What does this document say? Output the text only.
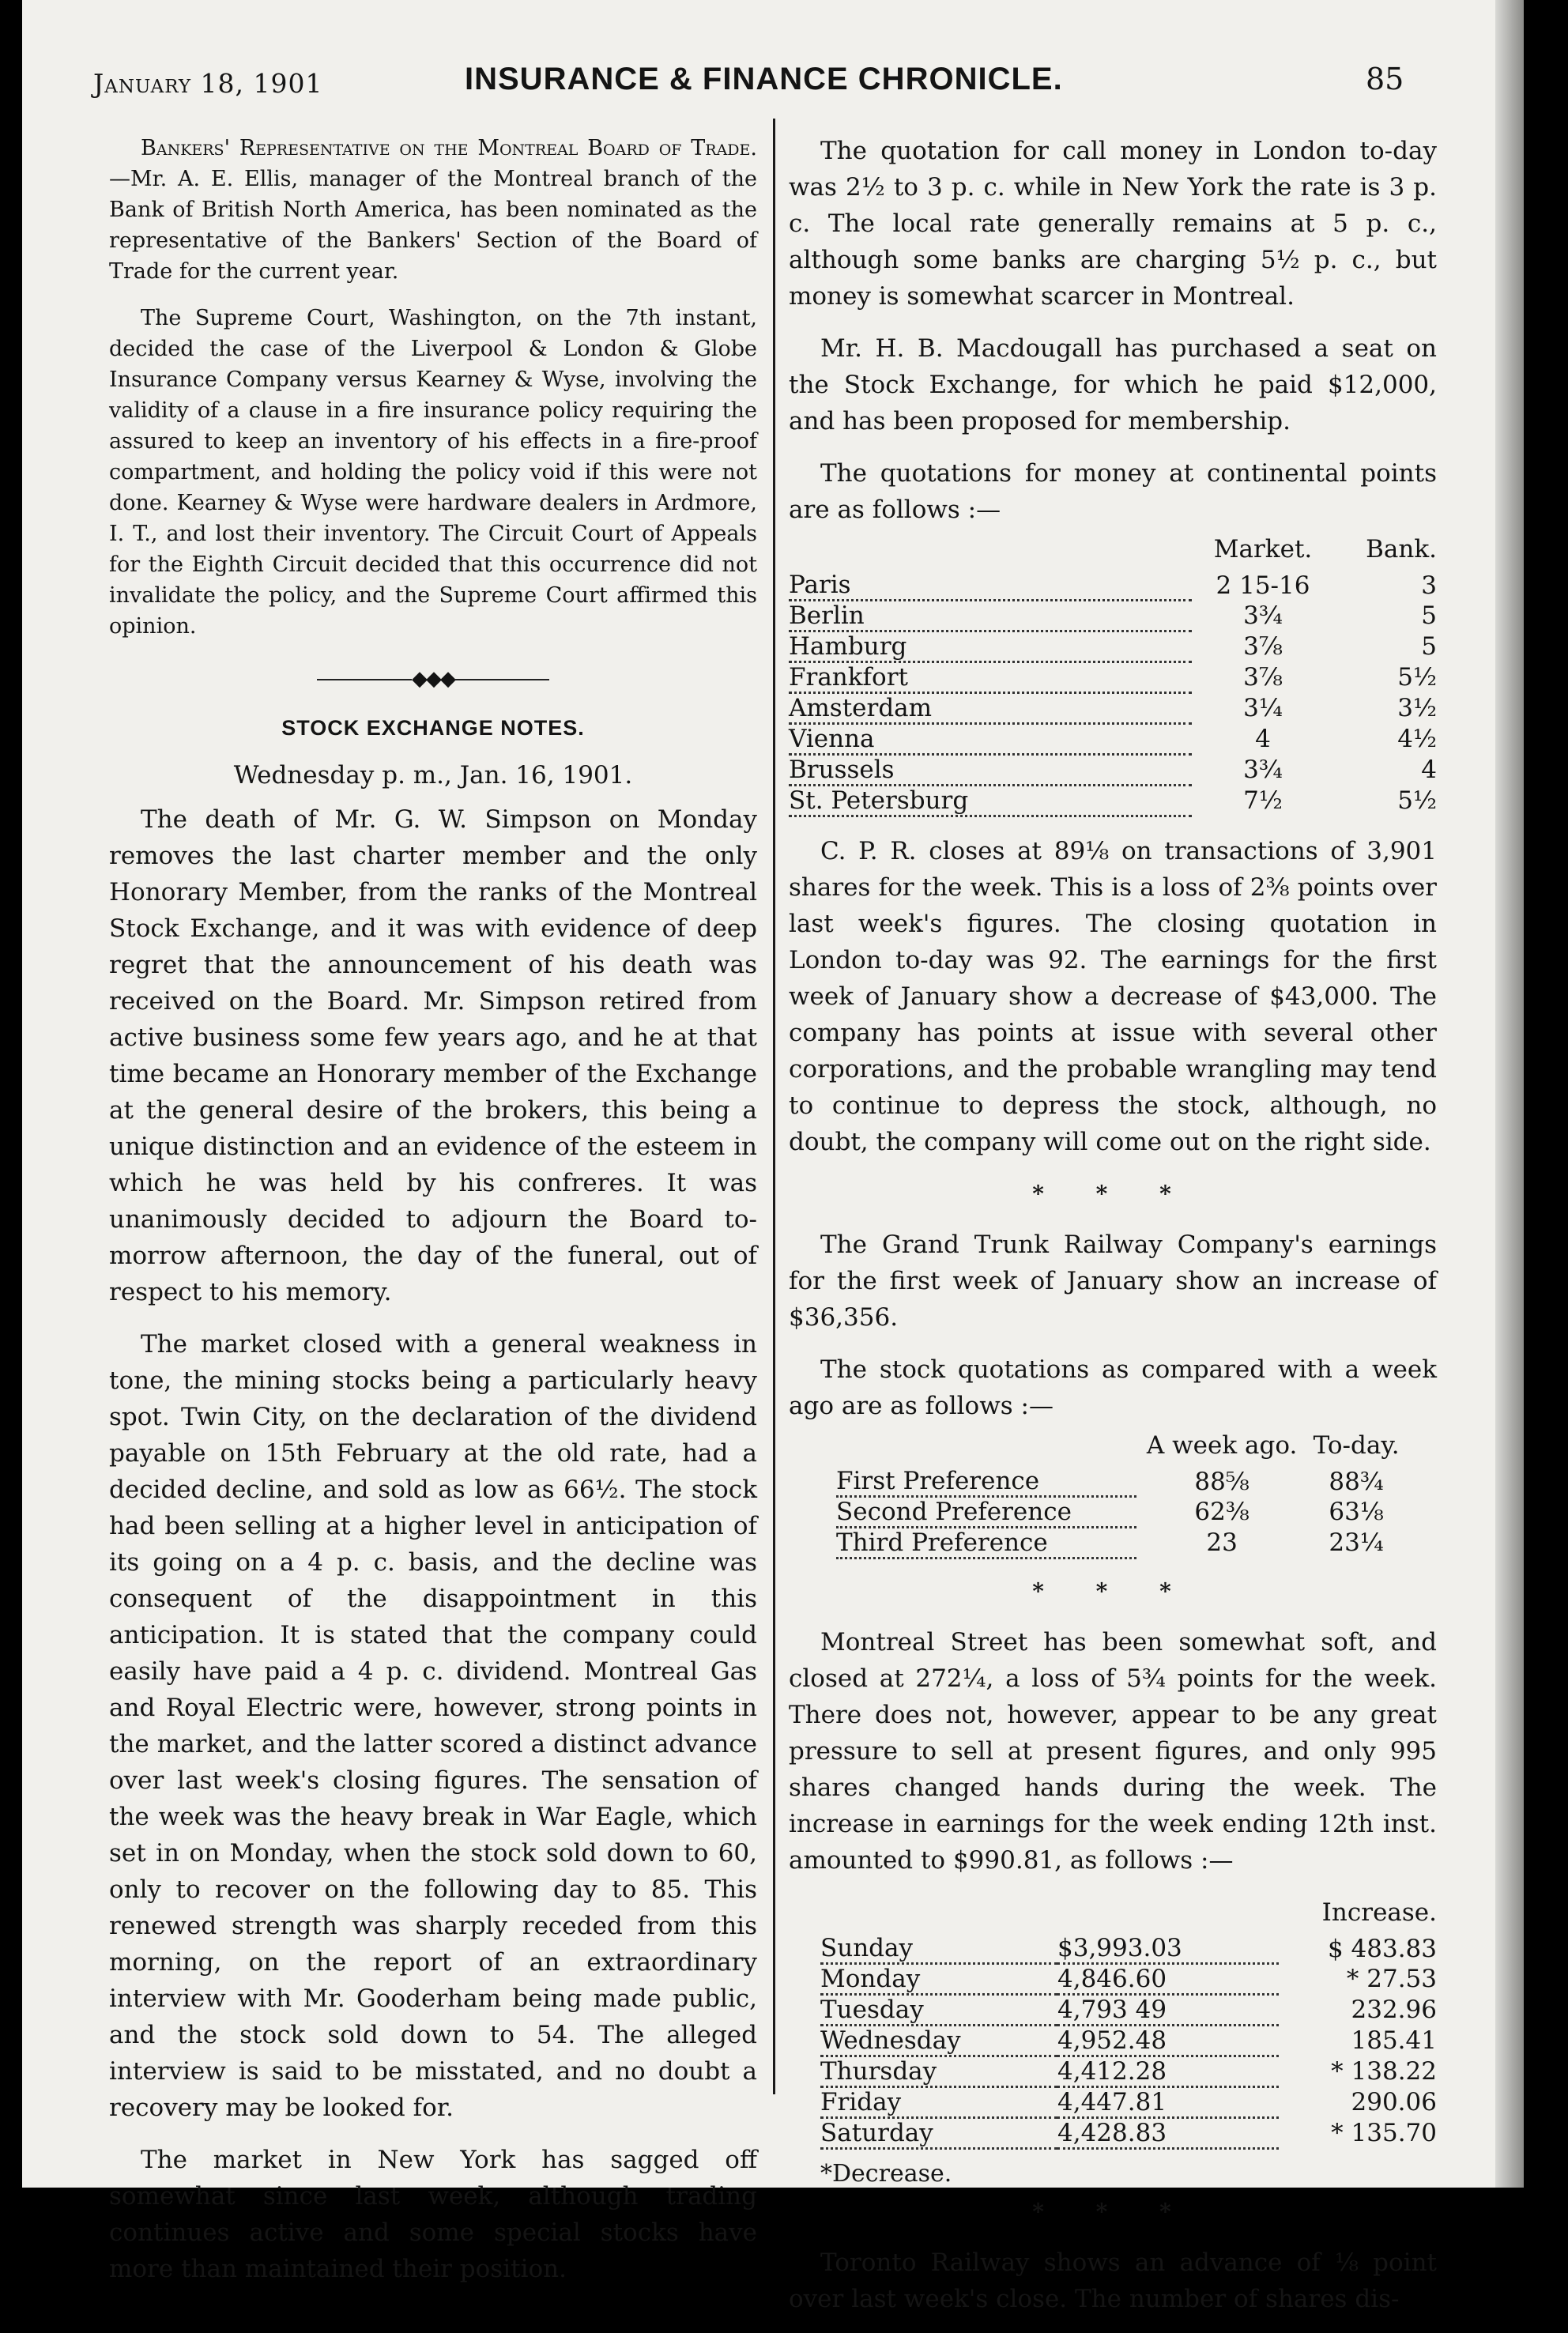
January 18, 1901	INSURANCE & FINANCE CHRONICLE.	85

Bankers' Representative on the Montreal Board of Trade.—Mr. A. E. Ellis, manager of the Montreal branch of the Bank of British North America, has been nominated as the representative of the Bankers' Section of the Board of Trade for the current year.

The Supreme Court, Washington, on the 7th instant, decided the case of the Liverpool & London & Globe Insurance Company versus Kearney & Wyse, involving the validity of a clause in a fire insurance policy requiring the assured to keep an inventory of his effects in a fire-proof compartment, and holding the policy void if this were not done. Kearney & Wyse were hardware dealers in Ardmore, I. T., and lost their inventory. The Circuit Court of Appeals for the Eighth Circuit decided that this occurrence did not invalidate the policy, and the Supreme Court affirmed this opinion.

◆◆◆
STOCK EXCHANGE NOTES.
Wednesday p. m., Jan. 16, 1901.

The death of Mr. G. W. Simpson on Monday removes the last charter member and the only Honorary Member, from the ranks of the Montreal Stock Exchange, and it was with evidence of deep regret that the announcement of his death was received on the Board. Mr. Simpson retired from active business some few years ago, and he at that time became an Honorary member of the Exchange at the general desire of the brokers, this being a unique distinction and an evidence of the esteem in which he was held by his confreres. It was unanimously decided to adjourn the Board to-morrow afternoon, the day of the funeral, out of respect to his memory.

The market closed with a general weakness in tone, the mining stocks being a particularly heavy spot. Twin City, on the declaration of the dividend payable on 15th February at the old rate, had a decided decline, and sold as low as 66½. The stock had been selling at a higher level in anticipation of its going on a 4 p. c. basis, and the decline was consequent of the disappointment in this anticipation. It is stated that the company could easily have paid a 4 p. c. dividend. Montreal Gas and Royal Electric were, however, strong points in the market, and the latter scored a distinct advance over last week's closing figures. The sensation of the week was the heavy break in War Eagle, which set in on Monday, when the stock sold down to 60, only to recover on the following day to 85. This renewed strength was sharply receded from this morning, on the report of an extraordinary interview with Mr. Gooderham being made public, and the stock sold down to 54. The alleged interview is said to be misstated, and no doubt a recovery may be looked for.

The market in New York has sagged off somewhat since last week, although trading continues active and some special stocks have more than maintained their position.

The quotation for call money in London to-day was 2½ to 3 p. c. while in New York the rate is 3 p. c. The local rate generally remains at 5 p. c., although some banks are charging 5½ p. c., but money is somewhat scarcer in Montreal.

Mr. H. B. Macdougall has purchased a seat on the Stock Exchange, for which he paid $12,000, and has been proposed for membership.

The quotations for money at continental points are as follows :—

	Market.	Bank.
Paris	2 15-16	3
Berlin	3¾	5
Hamburg	3⅞	5
Frankfort	3⅞	5½
Amsterdam	3¼	3½
Vienna	4	4½
Brussels	3¾	4
St. Petersburg	7½	5½

C. P. R. closes at 89⅛ on transactions of 3,901 shares for the week. This is a loss of 2⅜ points over last week's figures. The closing quotation in London to-day was 92. The earnings for the first week of January show a decrease of $43,000. The company has points at issue with several other corporations, and the probable wrangling may tend to continue to depress the stock, although, no doubt, the company will come out on the right side.

* * *

The Grand Trunk Railway Company's earnings for the first week of January show an increase of $36,356.

The stock quotations as compared with a week ago are as follows :—

	A week ago.	To-day.
First Preference	88⅝	88¾
Second Preference	62⅜	63⅛
Third Preference	23	23¼
* * *

Montreal Street has been somewhat soft, and closed at 272¼, a loss of 5¾ points for the week. There does not, however, appear to be any great pressure to sell at present figures, and only 995 shares changed hands during the week. The increase in earnings for the week ending 12th inst. amounted to $990.81, as follows :—

		Increase.
Sunday	$3,993.03	$ 483.83
Monday	4,846.60	* 27.53
Tuesday	4,793 49	232.96
Wednesday	4,952.48	185.41
Thursday	4,412.28	* 138.22
Friday	4,447.81	290.06
Saturday	4,428.83	* 135.70
*Decrease.
* * *

Toronto Railway shows an advance of ⅛ point over last week's close. The number of shares dis-
